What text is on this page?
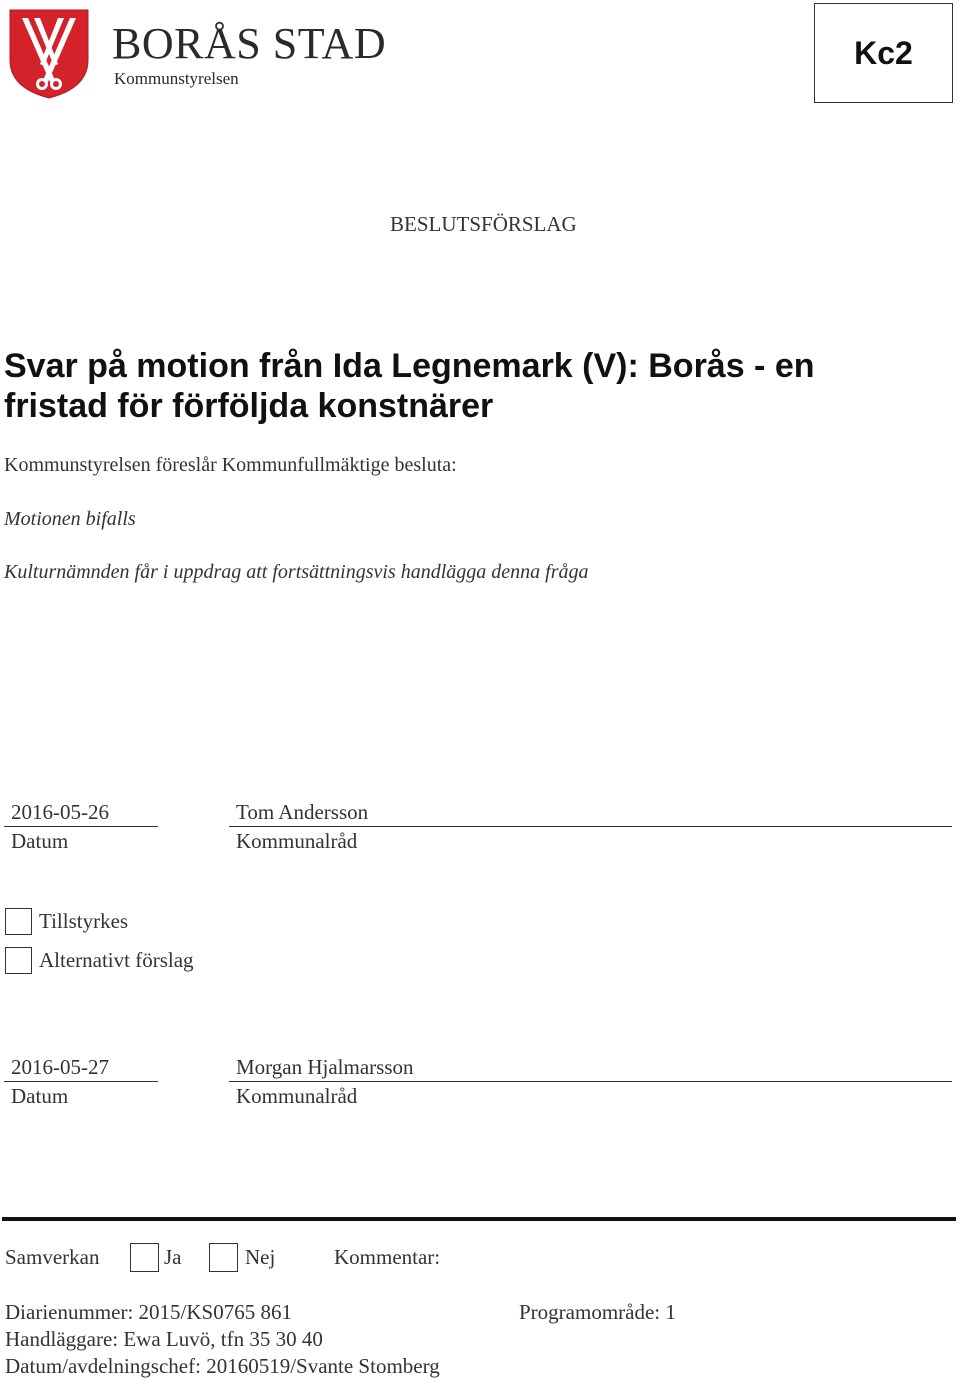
BORÅS STAD
Kommunstyrelsen
Kc2
BESLUTSFÖRSLAG
Svar på motion från Ida Legnemark (V): Borås - en
fristad för förföljda konstnärer
Kommunstyrelsen föreslår Kommunfullmäktige besluta:
Motionen bifalls
Kulturnämnden får i uppdrag att fortsättningsvis handlägga denna fråga
2016-05-26
Datum
Tom Andersson
Kommunalråd
Tillstyrkes
Alternativt förslag
2016-05-27
Datum
Morgan Hjalmarsson
Kommunalråd
Samverkan	Ja	Nej	Kommentar:
Diarienummer: 2015/KS0765 861	Programområde: 1
Handläggare: Ewa Luvö, tfn 35 30 40
Datum/avdelningschef: 20160519/Svante Stomberg
